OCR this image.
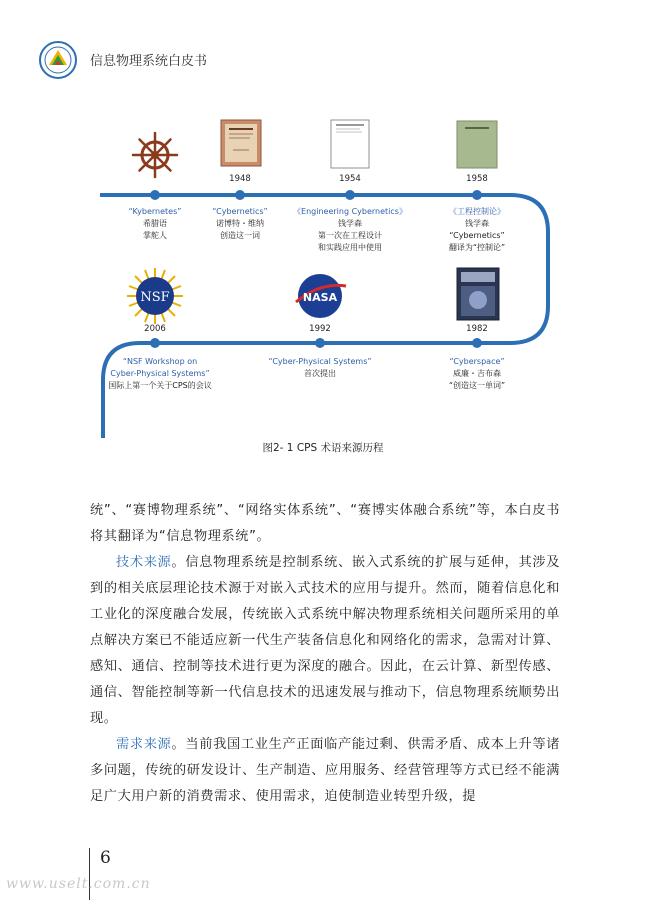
信息物理系统白皮书
NSF	NASA
1948	1954	1958
2006	1992	1982
“Kybernetes”
希腊语
掌舵人
“Cybernetics”
诺博特・维纳
创造这一词
《Engineering Cybernetics》
钱学森
第一次在工程设计
和实践应用中使用
《工程控制论》
钱学森
“Cybernetics”
翻译为“控制论”
“NSF Workshop on
Cyber-Physical Systems”
国际上第一个关于CPS的会议
“Cyber-Physical Systems”
首次提出
“Cyberspace”
威廉・吉布森
“创造这一单词”
图2- 1 CPS 术语来源历程

统”、“赛博物理系统”、“网络实体系统”、“赛博实体融合系统”等，本白皮书将其翻译为“信息物理系统”。

技术来源。信息物理系统是控制系统、嵌入式系统的扩展与延伸，其涉及到的相关底层理论技术源于对嵌入式技术的应用与提升。然而，随着信息化和工业化的深度融合发展，传统嵌入式系统中解决物理系统相关问题所采用的单点解决方案已不能适应新一代生产装备信息化和网络化的需求，急需对计算、感知、通信、控制等技术进行更为深度的融合。因此，在云计算、新型传感、通信、智能控制等新一代信息技术的迅速发展与推动下，信息物理系统顺势出现。

需求来源。当前我国工业生产正面临产能过剩、供需矛盾、成本上升等诸多问题，传统的研发设计、生产制造、应用服务、经营管理等方式已经不能满足广大用户新的消费需求、使用需求，迫使制造业转型升级，提

6
www.uselt.com.cn
